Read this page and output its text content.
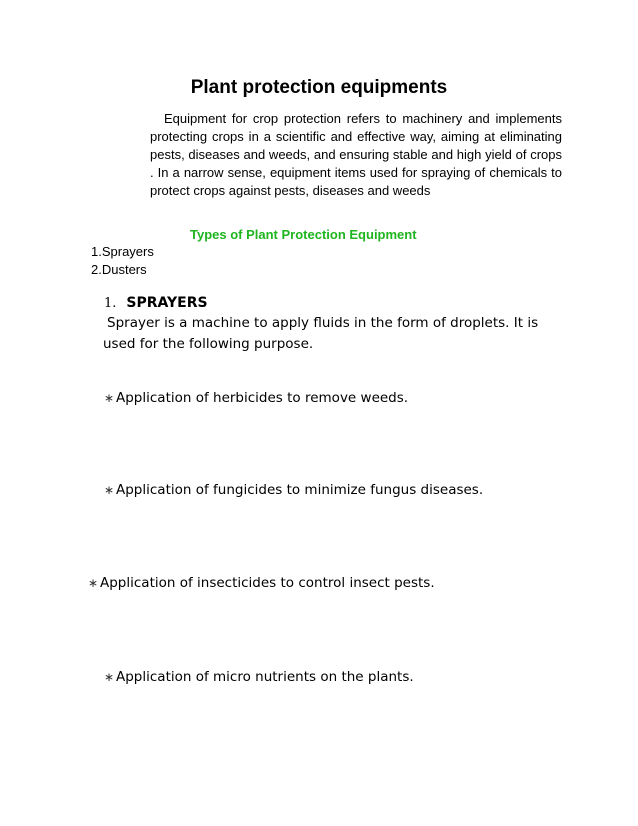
Plant protection equipments
Equipment for crop protection refers to machinery and implements protecting crops in a scientific and effective way, aiming at eliminating pests, diseases and weeds, and ensuring stable and high yield of crops . In a narrow sense, equipment items used for spraying of chemicals to protect crops against pests, diseases and weeds
Types of Plant Protection Equipment
1.Sprayers
2.Dusters
1. SPRAYERS
Sprayer is a machine to apply fluids in the form of droplets. It is used for the following purpose.
∗ Application of herbicides to remove weeds.
∗ Application of fungicides to minimize fungus diseases.
∗ Application of insecticides to control insect pests.
∗ Application of micro nutrients on the plants.
